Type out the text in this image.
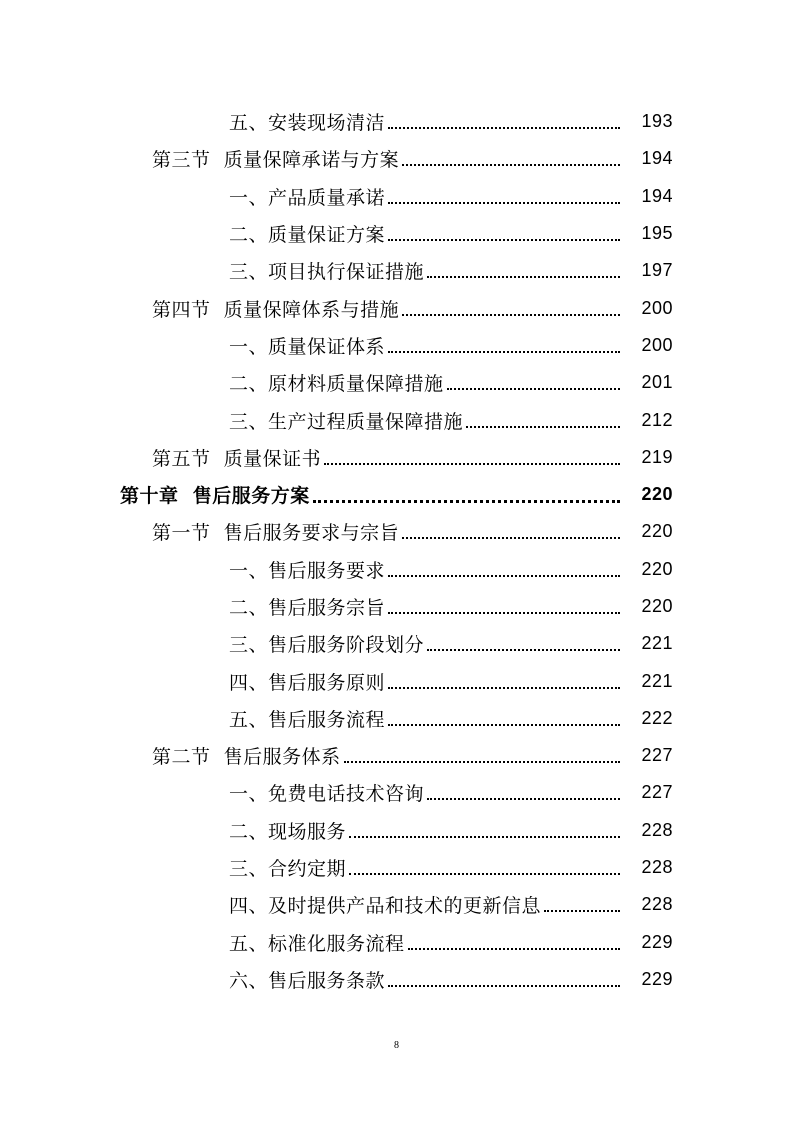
五、安装现场清洁	193
第三节  质量保障承诺与方案	194
一、产品质量承诺	194
二、质量保证方案	195
三、项目执行保证措施	197
第四节  质量保障体系与措施	200
一、质量保证体系	200
二、原材料质量保障措施	201
三、生产过程质量保障措施	212
第五节  质量保证书	219
第十章  售后服务方案	220
第一节  售后服务要求与宗旨	220
一、售后服务要求	220
二、售后服务宗旨	220
三、售后服务阶段划分	221
四、售后服务原则	221
五、售后服务流程	222
第二节  售后服务体系	227
一、免费电话技术咨询	227
二、现场服务	228
三、合约定期	228
四、及时提供产品和技术的更新信息	228
五、标准化服务流程	229
六、售后服务条款	229
8
